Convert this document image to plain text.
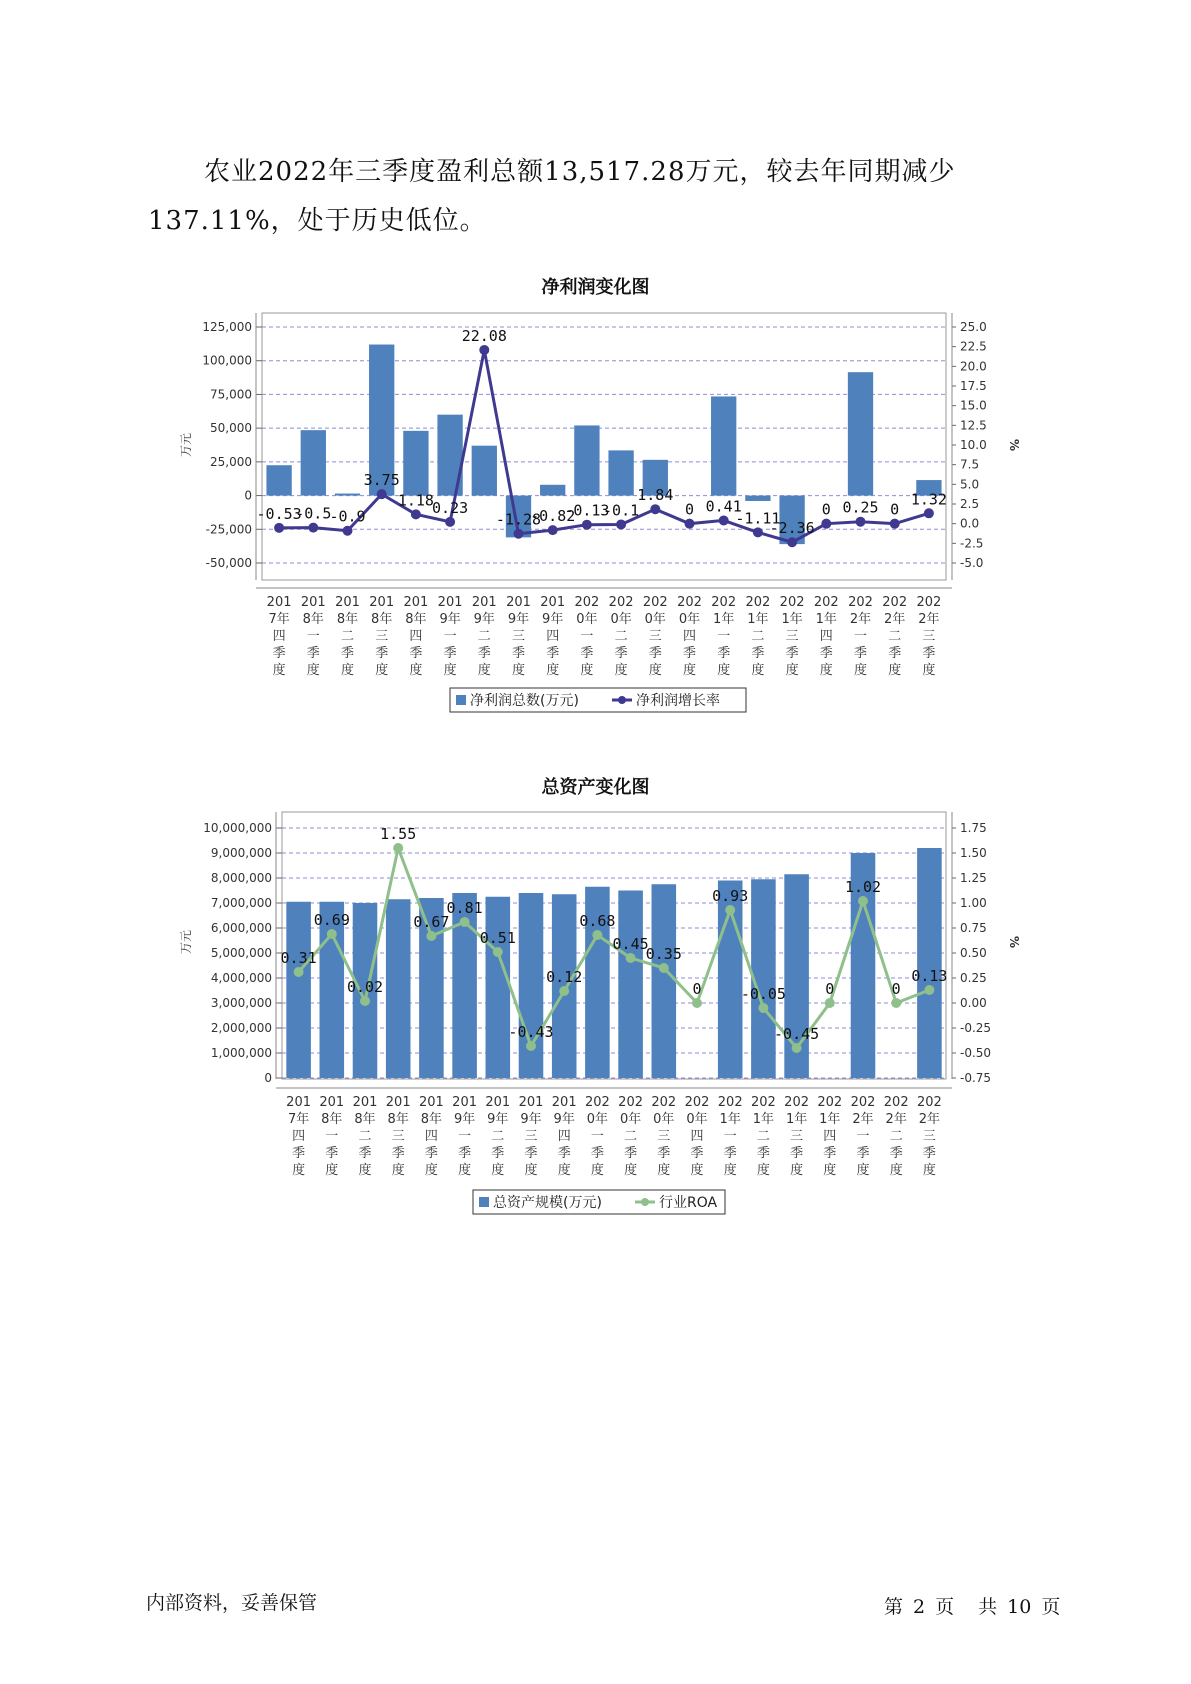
农业2022年三季度盈利总额13,517.28万元，较去年同期减少137.11%，处于历史低位。
净利润变化图
125,000
100,000
75,000
50,000
25,000
0
-25,000
-50,000
25.0
22.5
20.0
17.5
15.0
12.5
10.0
7.5
5.0
2.5
0.0
-2.5
-5.0
万元	%
-0.53
-0.5
-0.9
3.75
1.18
0.23
22.08
-1.28
-0.82
-0.13
-0.1
1.84
0 0.41
-1.11
-2.36
0 0.25 0
1.32
201
7年
四
季
度
201
8年
一
季
度
201
8年
二
季
度
201
8年
三
季
度
201
8年
四
季
度
201
9年
一
季
度
201
9年
二
季
度
201
9年
三
季
度
201
9年
四
季
度
202
0年
一
季
度
202
0年
二
季
度
202
0年
三
季
度
202
0年
四
季
度
202
1年
一
季
度
202
1年
二
季
度
202
1年
三
季
度
202
1年
四
季
度
202
2年
一
季
度
202
2年
二
季
度
202
2年
三
季
度
净利润总数(万元)	净利润增长率
总资产变化图
10,000,000
9,000,000
8,000,000
7,000,000
6,000,000
5,000,000
4,000,000
3,000,000
2,000,000
1,000,000
0
1.75
1.50
1.25
1.00
0.75
0.50
0.25
0.00
-0.25
-0.50
-0.75
万元	%
0.31
0.69
0.02
1.55
0.67
0.81
0.51
-0.43
0.12
0.68
0.45
0.35
0
0.93
-0.05
-0.45
0
1.02
0
0.13
201
7年
四
季
度
201
8年
一
季
度
201
8年
二
季
度
201
8年
三
季
度
201
8年
四
季
度
201
9年
一
季
度
201
9年
二
季
度
201
9年
三
季
度
201
9年
四
季
度
202
0年
一
季
度
202
0年
二
季
度
202
0年
三
季
度
202
0年
四
季
度
202
1年
一
季
度
202
1年
二
季
度
202
1年
三
季
度
202
1年
四
季
度
202
2年
一
季
度
202
2年
二
季
度
202
2年
三
季
度
总资产规模(万元)	行业ROA
内部资料，妥善保管	第 2 页 共 10 页
